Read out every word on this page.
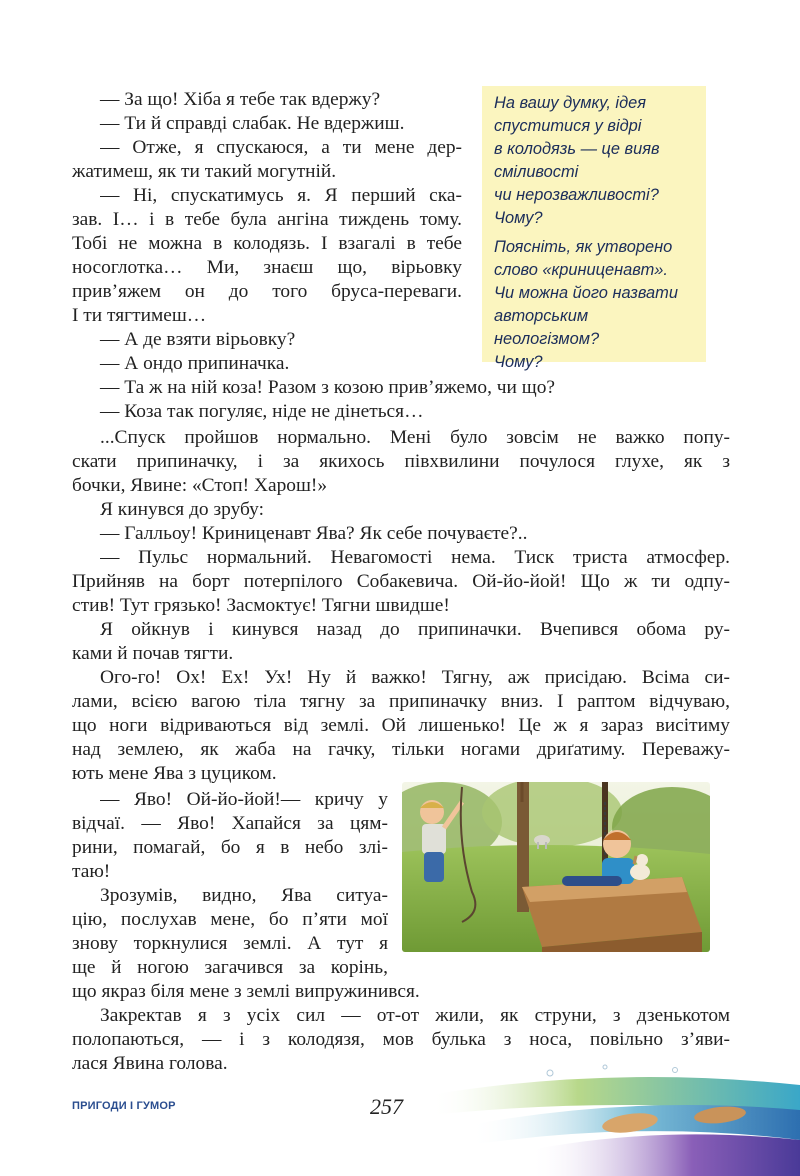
На вашу думку, ідея
спуститися у відрі
в колодязь — це вияв
сміливості
чи нерозважливості?
Чому?

Поясніть, як утворено
слово «криниценавт».
Чи можна його назвати
авторським
неологізмом?
Чому?

— За що! Хіба я тебе так вдержу?
— Ти й справді слабак. Не вдержиш.
— Отже, я спускаюся, а ти мене дер-
жатимеш, як ти такий могутній.
— Ні, спускатимусь я. Я перший ска-
зав. І… і в тебе була ангіна тиждень тому.
Тобі не можна в колодязь. І взагалі в тебе
носоглотка… Ми, знаєш що, вірьовку
прив’яжем он до того бруса-переваги.
І ти тягтимеш…
— А де взяти вірьовку?
— А ондо припиначка.
— Та ж на ній коза! Разом з козою прив’яжемо, чи що?
— Коза так погуляє, ніде не дінеться…
...Спуск пройшов нормально. Мені було зовсім не важко попу-
скати припиначку, і за якихось півхвилини почулося глухе, як з
бочки, Явине: «Стоп! Харош!»
Я кинувся до зрубу:
— Галльоу! Криниценавт Ява? Як себе почуваєте?..
— Пульс нормальний. Невагомості нема. Тиск триста атмосфер.
Прийняв на борт потерпілого Собакевича. Ой-йо-йой! Що ж ти одпу-
стив! Тут грязько! Засмоктує! Тягни швидше!
Я ойкнув і кинувся назад до припиначки. Вчепився обома ру-
ками й почав тягти.
Ого-го! Ох! Ех! Ух! Ну й важко! Тягну, аж присідаю. Всіма си-
лами, всією вагою тіла тягну за припиначку вниз. І раптом відчуваю,
що ноги відриваються від землі. Ой лишенько! Це ж я зараз висітиму
над землею, як жаба на гачку, тільки ногами дриґатиму. Переважу-
ють мене Ява з цуциком.
— Яво! Ой-йо-йой!— кричу у
відчаї. — Яво! Хапайся за цям-
рини, помагай, бо я в небо злі-
таю!
Зрозумів, видно, Ява ситуа-
цію, послухав мене, бо п’яти мої
знову торкнулися землі. А тут я
ще й ногою загачився за корінь,
що якраз біля мене з землі випружинився.
Закректав я з усіх сил — от-от жили, як струни, з дзенькотом
полопаються, — і з колодязя, мов булька з носа, повільно з’яви-
лася Явина голова.
ПРИГОДИ І ГУМОР	257
